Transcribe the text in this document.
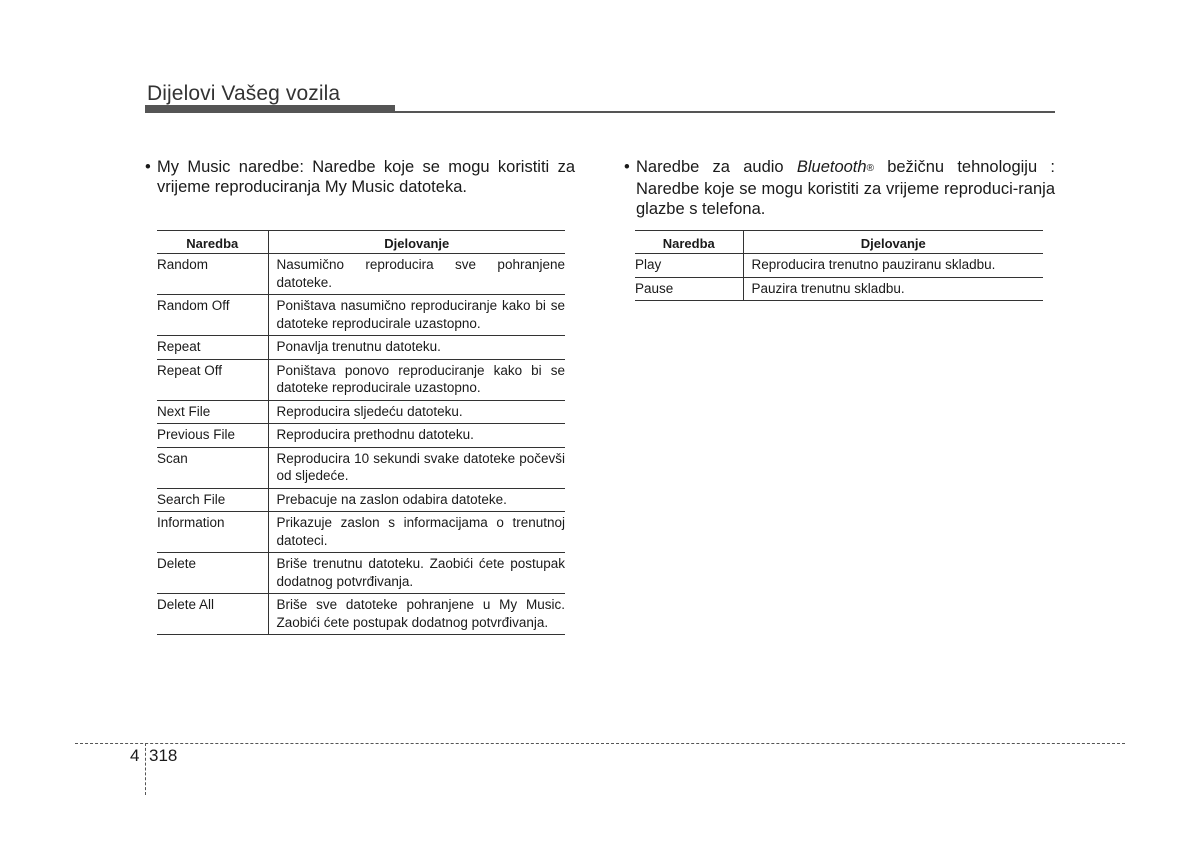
Dijelovi Vašeg vozila
• My Music naredbe: Naredbe koje se mogu koristiti za vrijeme reproduciranja My Music datoteka.
• Naredbe za audio Bluetooth® bežičnu tehnologiju : Naredbe koje se mogu koristiti za vrijeme reproduci-ranja glazbe s telefona.
Naredba	Djelovanje
Random	Nasumično reproducira sve pohranjene datoteke.
Random Off	Poništava nasumično reproduciranje kako bi se datoteke reproducirale uzastopno.
Repeat	Ponavlja trenutnu datoteku.
Repeat Off	Poništava ponovo reproduciranje kako bi se datoteke reproducirale uzastopno.
Next File	Reproducira sljedeću datoteku.
Previous File	Reproducira prethodnu datoteku.
Scan	Reproducira 10 sekundi svake datoteke počevši od sljedeće.
Search File	Prebacuje na zaslon odabira datoteke.
Information	Prikazuje zaslon s informacijama o trenutnoj datoteci.
Delete	Briše trenutnu datoteku. Zaobići ćete postupak dodatnog potvrđivanja.
Delete All	Briše sve datoteke pohranjene u My Music. Zaobići ćete postupak dodatnog potvrđivanja.
Naredba	Djelovanje
Play	Reproducira trenutno pauziranu skladbu.
Pause	Pauzira trenutnu skladbu.
4 318
